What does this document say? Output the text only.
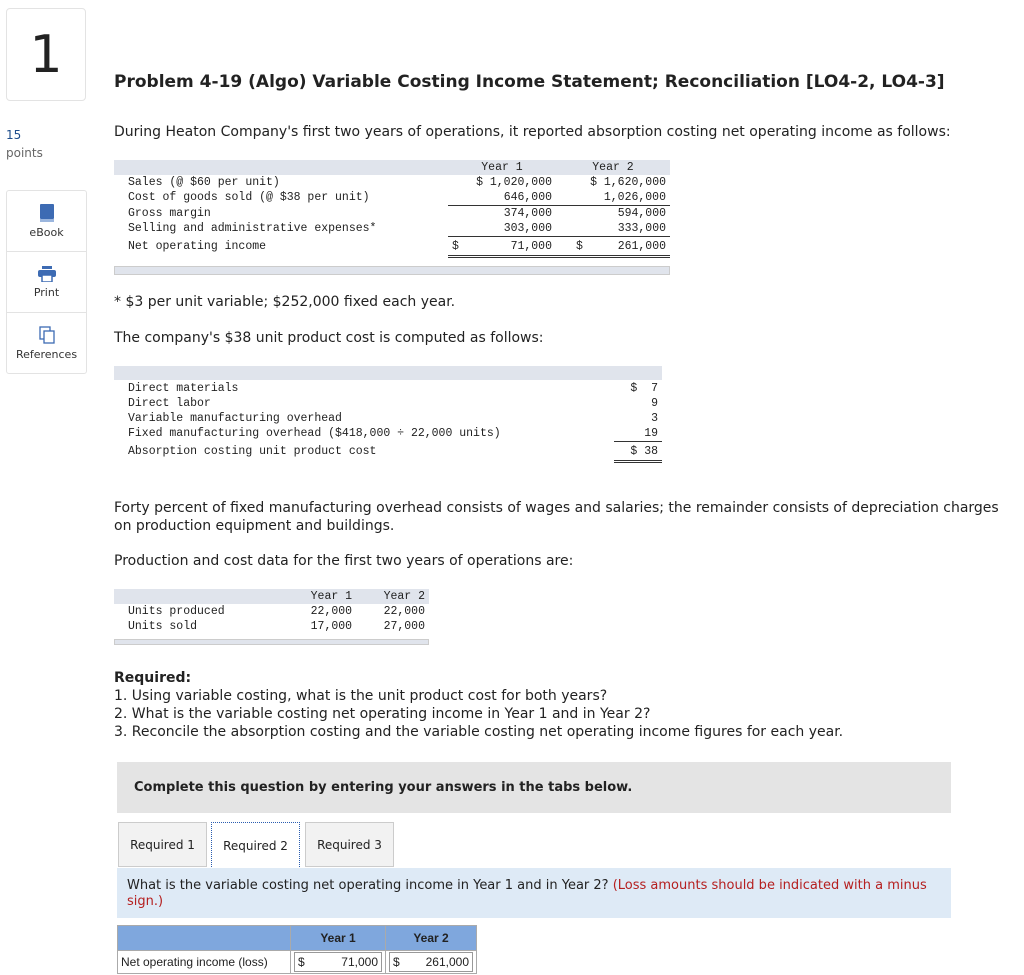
1
15
points
eBook
Print
References
Problem 4-19 (Algo) Variable Costing Income Statement; Reconciliation [LO4-2, LO4-3]
During Heaton Company's first two years of operations, it reported absorption costing net operating income as follows:
	Year 1		Year 2	
Sales (@ $60 per unit)	$ 1,020,000		$ 1,620,000	
Cost of goods sold (@ $38 per unit)	646,000		1,026,000	
Gross margin	374,000		594,000	
Selling and administrative expenses*	303,000		333,000	
Net operating income	$	71,000	$	261,000
* $3 per unit variable; $252,000 fixed each year.
The company's $38 unit product cost is computed as follows:
Direct materials	$  7
Direct labor	9
Variable manufacturing overhead	3
Fixed manufacturing overhead ($418,000 ÷ 22,000 units)	19
Absorption costing unit product cost	$ 38
Forty percent of fixed manufacturing overhead consists of wages and salaries; the remainder consists of depreciation charges on production equipment and buildings.
Production and cost data for the first two years of operations are:
	Year 1	Year 2
Units produced	22,000	22,000
Units sold	17,000	27,000
Required:
1. Using variable costing, what is the unit product cost for both years?
2. What is the variable costing net operating income in Year 1 and in Year 2?
3. Reconcile the absorption costing and the variable costing net operating income figures for each year.
Complete this question by entering your answers in the tabs below.
Required 1	Required 2	Required 3
What is the variable costing net operating income in Year 1 and in Year 2? (Loss amounts should be indicated with a minus sign.)
	Year 1	Year 2
Net operating income (loss)	$ 71,000	$ 261,000
